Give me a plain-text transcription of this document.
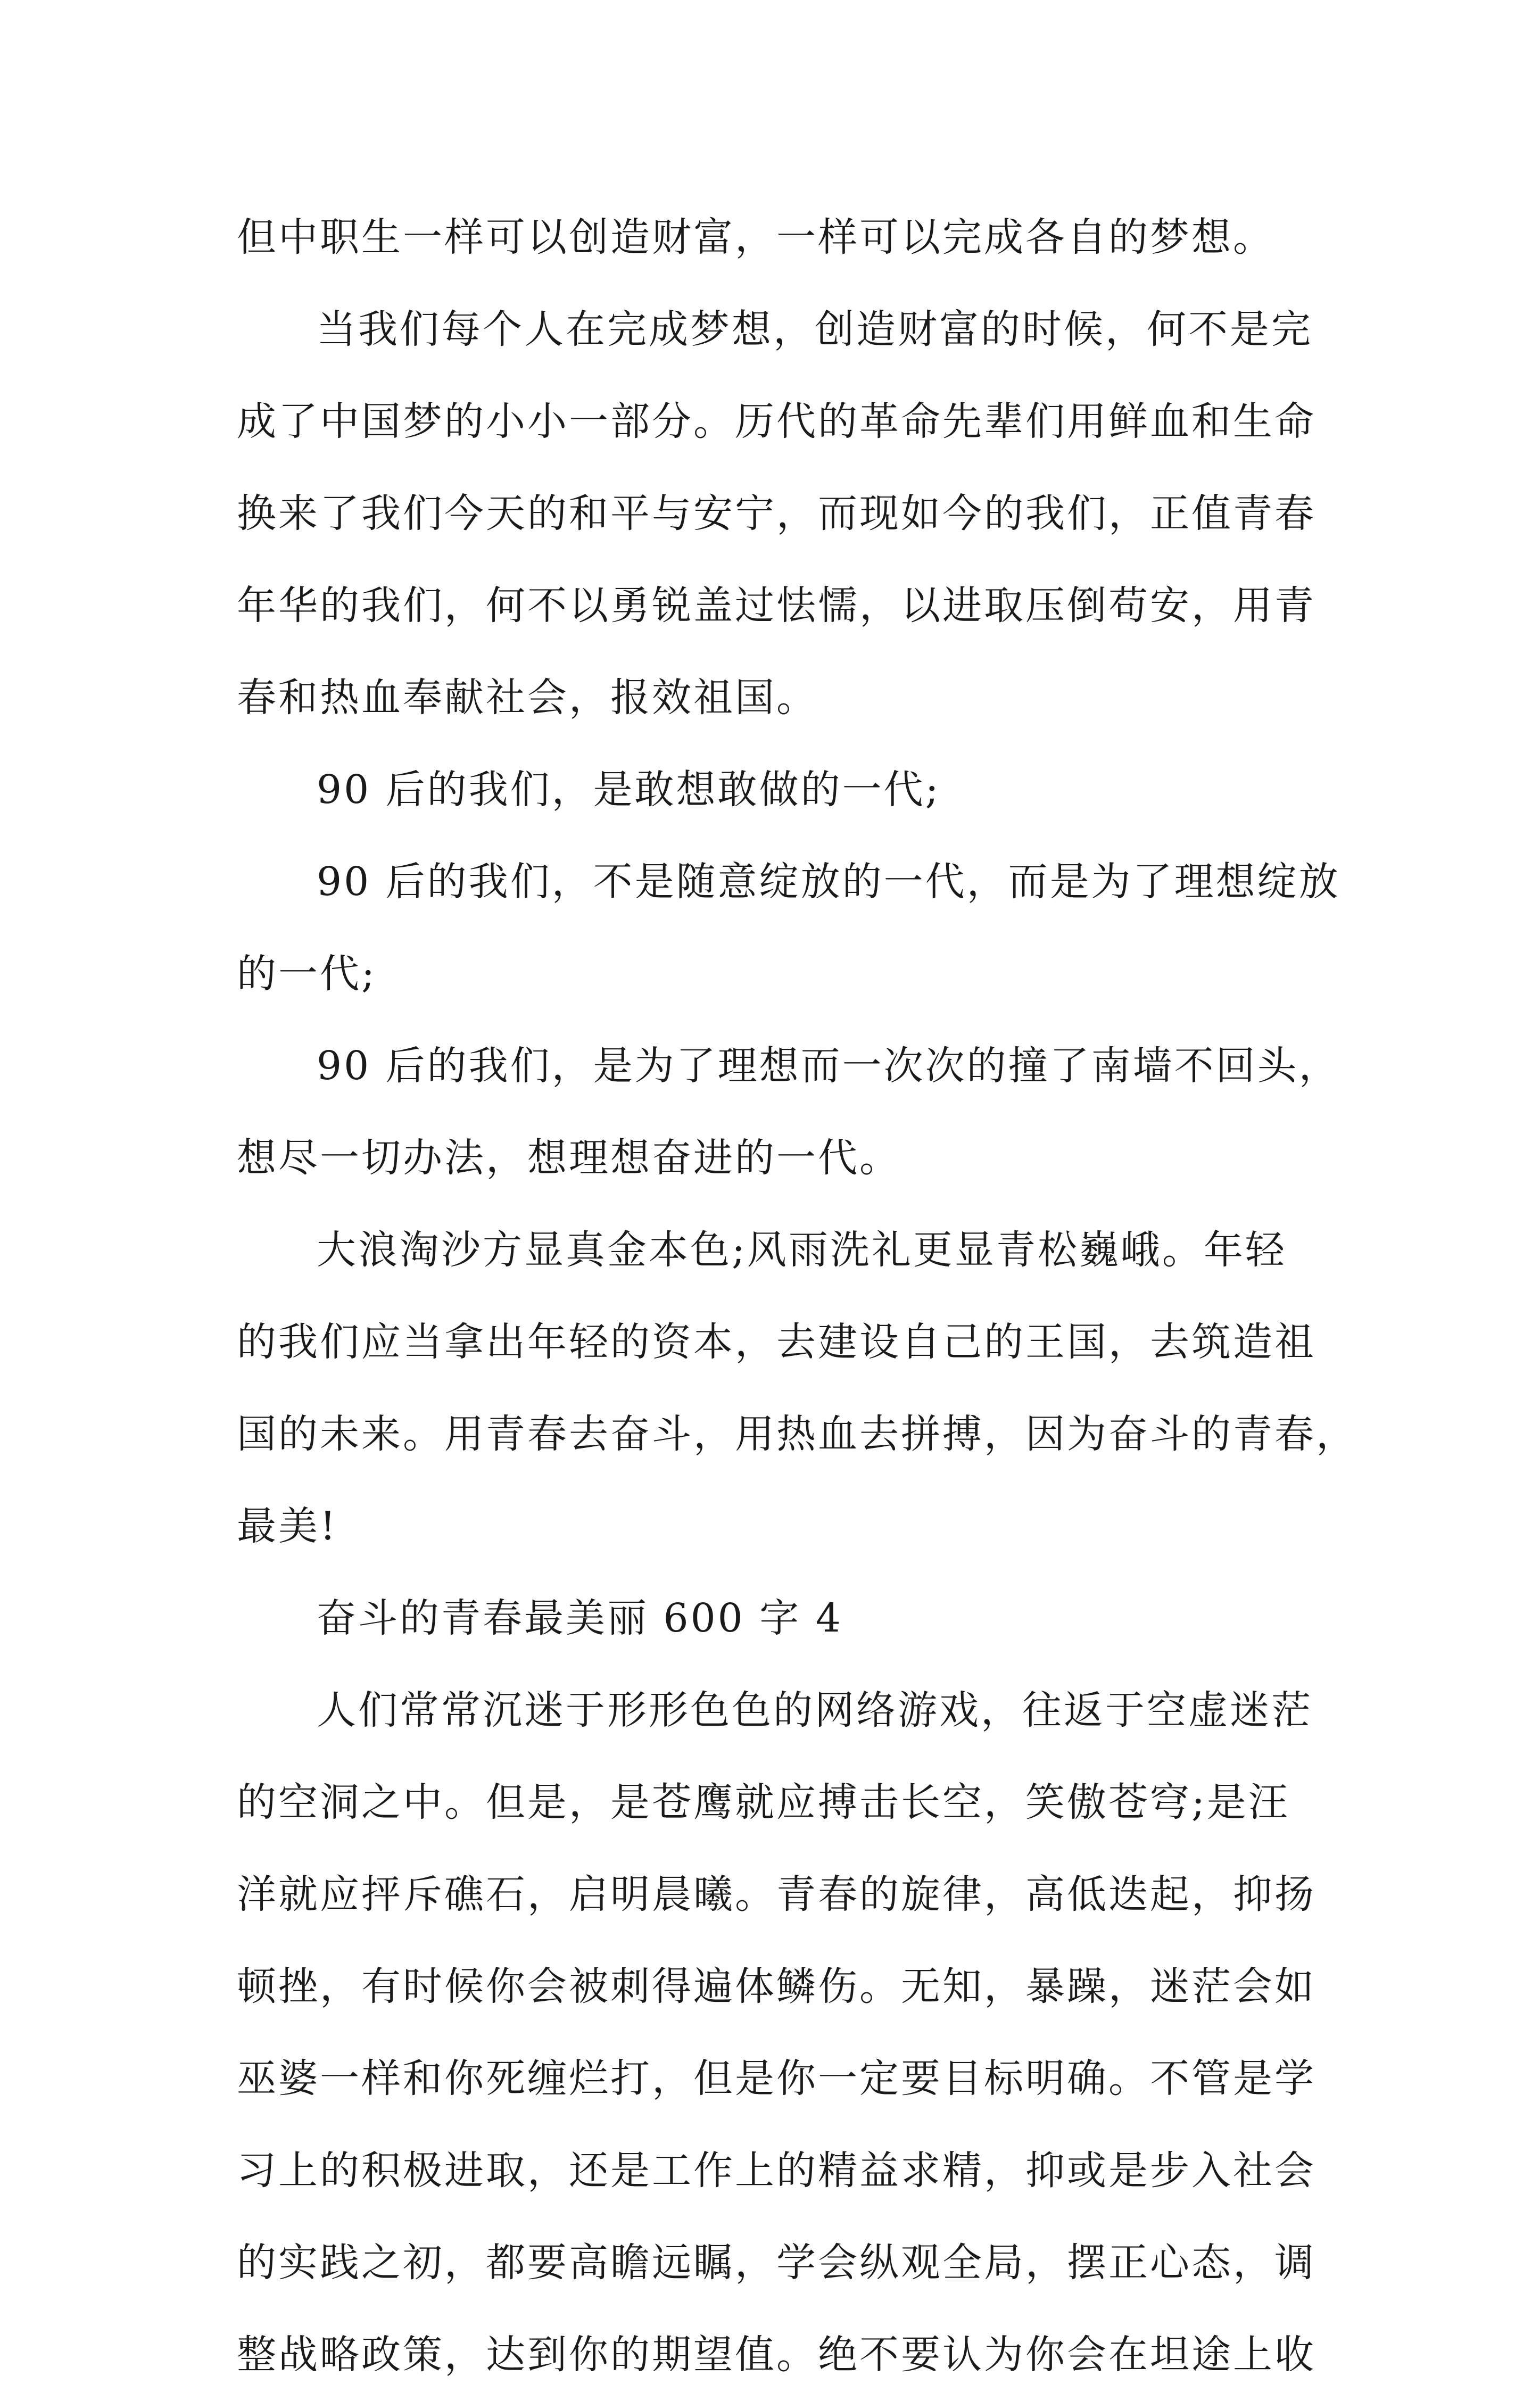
但中职生一样可以创造财富，一样可以完成各自的梦想。
当我们每个人在完成梦想，创造财富的时候，何不是完
成了中国梦的小小一部分。历代的革命先辈们用鲜血和生命
换来了我们今天的和平与安宁，而现如今的我们，正值青春
年华的我们，何不以勇锐盖过怯懦，以进取压倒苟安，用青
春和热血奉献社会，报效祖国。
90 后的我们，是敢想敢做的一代;
90 后的我们，不是随意绽放的一代，而是为了理想绽放
的一代;
90 后的我们，是为了理想而一次次的撞了南墙不回头，
想尽一切办法，想理想奋进的一代。
大浪淘沙方显真金本色;风雨洗礼更显青松巍峨。年轻
的我们应当拿出年轻的资本，去建设自己的王国，去筑造祖
国的未来。用青春去奋斗，用热血去拼搏，因为奋斗的青春，
最美!
奋斗的青春最美丽 600 字 4
人们常常沉迷于形形色色的网络游戏，往返于空虚迷茫
的空洞之中。但是，是苍鹰就应搏击长空，笑傲苍穹;是汪
洋就应抨斥礁石，启明晨曦。青春的旋律，高低迭起，抑扬
顿挫，有时候你会被刺得遍体鳞伤。无知，暴躁，迷茫会如
巫婆一样和你死缠烂打，但是你一定要目标明确。不管是学
习上的积极进取，还是工作上的精益求精，抑或是步入社会
的实践之初，都要高瞻远瞩，学会纵观全局，摆正心态，调
整战略政策，达到你的期望值。绝不要认为你会在坦途上收
